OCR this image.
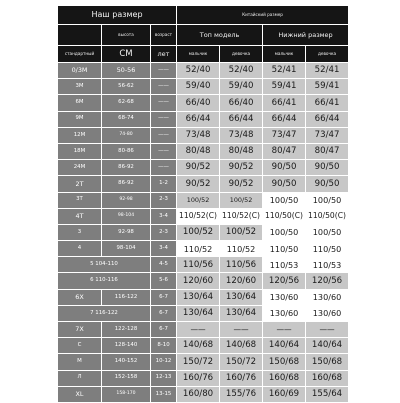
Наш размер			Китайский размер			
	высота	возраст	Топ модель		Нижний размер	
стандартный	CM	лет	мальчик	девочка	мальчик	девочка
0/3M	50-56	——	52/40	52/40	52/41	52/41
3M	56-62	——	59/40	59/40	59/41	59/41
6M	62-68	——	66/40	66/40	66/41	66/41
9M	68-74	——	66/44	66/44	66/44	66/44
12M	74-80	——	73/48	73/48	73/47	73/47
18M	80-86	——	80/48	80/48	80/47	80/47
24M	86-92	——	90/52	90/52	90/50	90/50
2T	86-92	1-2	90/52	90/52	90/50	90/50
3T	92-98	2-3	100/52	100/52	100/50	100/50
4T	98-104	3-4	110/52(C)	110/52(C)	110/50(C)	110/50(C)
3	92-98	2-3	100/52	100/52	100/50	100/50
4	98-104	3-4	110/52	110/52	110/50	110/50
5 104-110		4-5	110/56	110/56	110/53	110/53
6 110-116		5-6	120/60	120/60	120/56	120/56
6X	116-122	6-7	130/64	130/64	130/60	130/60
7 116-122		6-7	130/64	130/64	130/60	130/60
7X	122-128	6-7	——	——	——	——
C	128-140	8-10	140/68	140/68	140/64	140/64
M	140-152	10-12	150/72	150/72	150/68	150/68
Л	152-158	12-13	160/76	160/76	160/68	160/68
XL	158-170	13-15	160/80	155/76	160/69	155/64
